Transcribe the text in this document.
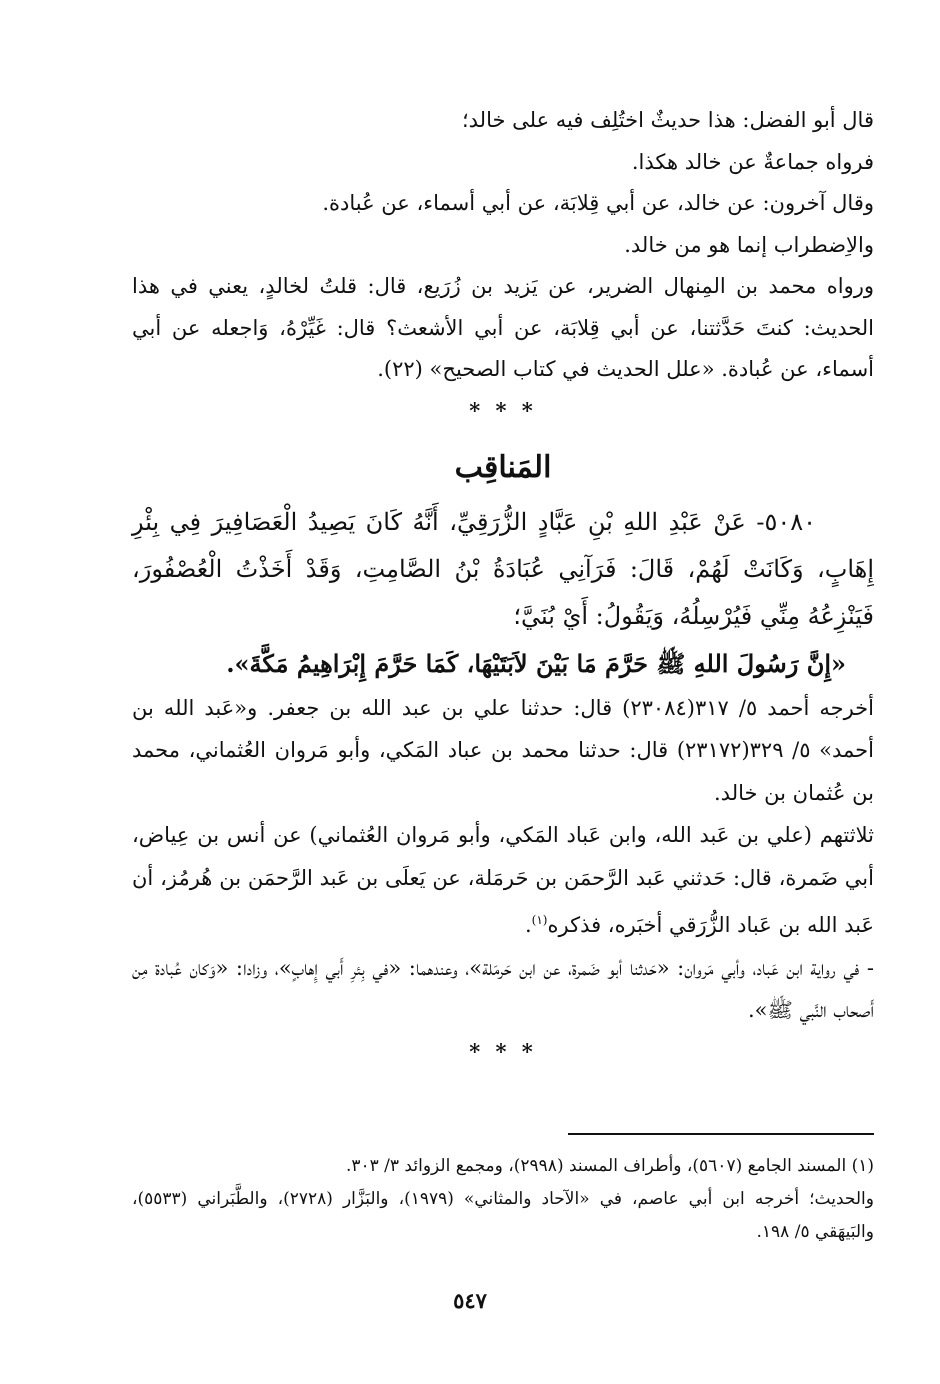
قال أبو الفضل: هذا حديثٌ اختُلِف فيه على خالد؛

فرواه جماعةٌ عن خالد هكذا.

وقال آخرون: عن خالد، عن أبي قِلابَة، عن أبي أسماء، عن عُبادة.

والاِضطراب إنما هو من خالد.

ورواه محمد بن المِنهال الضرير، عن يَزيد بن زُرَيع، قال: قلتُ لخالدٍ، يعني في هذا الحديث: كنتَ حَدَّثتنا، عن أبي قِلابَة، عن أبي الأشعث؟ قال: غَيِّرْهُ، وَاجعله عن أبي أسماء، عن عُبادة. «علل الحديث في كتاب الصحيح» (٢٢).

* * *
المَناقِب

٥٠٨٠- عَنْ عَبْدِ اللهِ بْنِ عَبَّادٍ الزُّرَقِيِّ، أَنَّهُ كَانَ يَصِيدُ الْعَصَافِيرَ فِي بِئْرِ إِهَابٍ، وَكَانَتْ لَهُمْ، قَالَ: فَرَآنِي عُبَادَةُ بْنُ الصَّامِتِ، وَقَدْ أَخَذْتُ الْعُصْفُورَ، فَيَنْزِعُهُ مِنِّي فَيُرْسِلُهُ، وَيَقُولُ: أَيْ بُنَيَّ؛

«إِنَّ رَسُولَ اللهِ ﷺ حَرَّمَ مَا بَيْنَ لاَبَتَيْهَا، كَمَا حَرَّمَ إِبْرَاهِيمُ مَكَّةَ».

أخرجه أحمد ٥/ ٣١٧(٢٣٠٨٤) قال: حدثنا علي بن عبد الله بن جعفر. و«عَبد الله بن أحمد» ٥/ ٣٢٩(٢٣١٧٢) قال: حدثنا محمد بن عباد المَكي، وأبو مَروان العُثماني، محمد بن عُثمان بن خالد.

ثلاثتهم (علي بن عَبد الله، وابن عَباد المَكي، وأبو مَروان العُثماني) عن أنس بن عِياض، أبي ضَمرة، قال: حَدثني عَبد الرَّحمَن بن حَرمَلة، عن يَعلَى بن عَبد الرَّحمَن بن هُرمُز، أن عَبد الله بن عَباد الزُّرَقي أخبَره، فذكره$^{(١)}$.

- في رواية ابن عَباد، وأبي مَروان: «حَدثنا أبو ضَمرة، عن ابن حَرمَلة»، وعندهما: «في بِئرِ أَبي إِهابٍ»، وزادا: «وَكان عُبادة مِن أَصحاب النَّبي ﷺ».

* * *

(١) المسند الجامع (٥٦٠٧)، وأطراف المسند (٢٩٩٨)، ومجمع الزوائد ٣/ ٣٠٣.

والحديث؛ أخرجه ابن أبي عاصم، في «الآحاد والمثاني» (١٩٧٩)، والبَزَّار (٢٧٢٨)، والطَّبَراني (٥٥٣٣)، والبَيهَقي ٥/ ١٩٨.

٥٤٧
